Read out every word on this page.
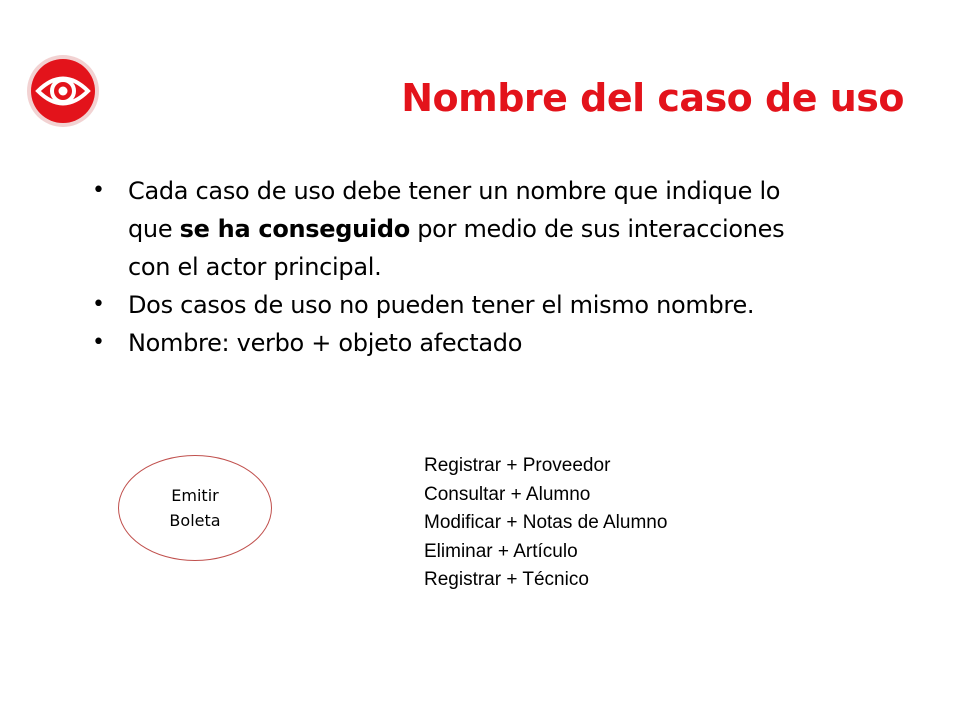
Nombre del caso de uso
• Cada caso de uso debe tener un nombre que indique lo que se ha conseguido por medio de sus interacciones con el actor principal.
• Dos casos de uso no pueden tener el mismo nombre.
• Nombre: verbo + objeto afectado
Emitir
Boleta
Registrar + Proveedor
Consultar + Alumno
Modificar + Notas de Alumno
Eliminar + Artículo
Registrar + Técnico
